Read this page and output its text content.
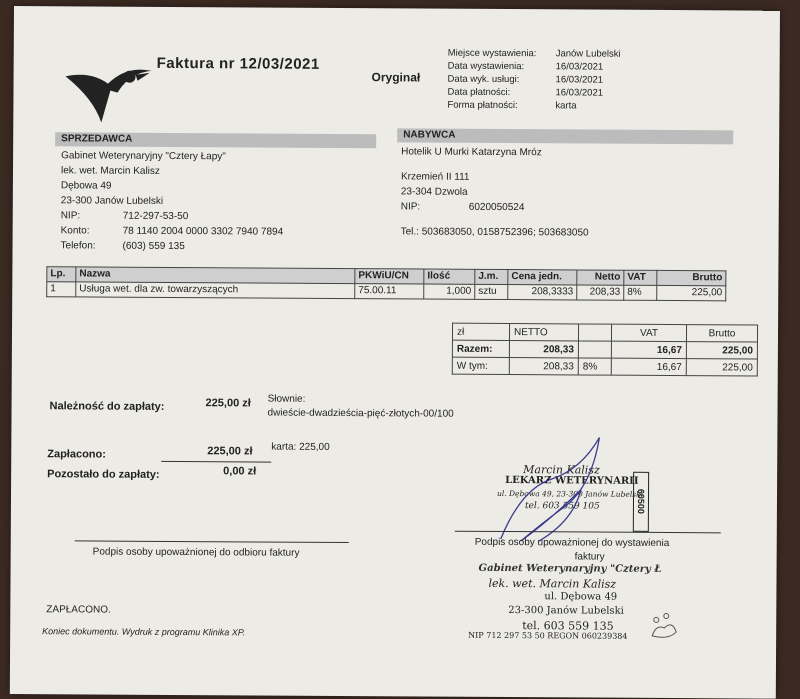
Faktura nr 12/03/2021
Oryginał
Miejsce wystawienia: Janów Lubelski
Data wystawienia:	16/03/2021
Data wyk. usługi:	16/03/2021
Data płatności:	16/03/2021
Forma płatności:	karta
SPRZEDAWCA
Gabinet Weterynaryjny "Cztery Łapy"
lek. wet. Marcin Kalisz
Dębowa 49
23-300 Janów Lubelski
NIP:	712-297-53-50
Konto:	78 1140 2004 0000 3302 7940 7894
Telefon:	(603) 559 135
NABYWCA
Hotelik U Murki Katarzyna Mróz
Krzemień II 111
23-304 Dzwola
NIP:	6020050524
Tel.: 503683050, 0158752396; 503683050
Lp.	Nazwa	PKWiU/CN	Ilość	J.m.	Cena jedn.	Netto	VAT	Brutto
1	Usługa wet. dla zw. towarzyszących	75.00.11	1,000	sztu	208,3333	208,33	8%	225,00
zł	NETTO		VAT	Brutto
Razem:	208,33		16,67	225,00
W tym:	208,33	8%	16,67	225,00
Należność do zapłaty:	225,00 zł Słownie:
dwieście-dwadzieścia-pięć-złotych-00/100
Zapłacono:	225,00 zł karta: 225,00
Pozostało do zapłaty:	0,00 zł	Marcin Kalisz
LEKARZ WETERYNARII
ul. Dębowa 49, 23-300 Janów Lubelski
tel. 603 559 105	60500
Podpis osoby upoważnionej do odbioru faktury
Podpis osoby upoważnionej do wystawienia
faktury
Gabinet Weterynaryjny "Cztery Ł
lek. wet. Marcin Kalisz
ul. Dębowa 49
23-300 Janów Lubelski
tel. 603 559 135
NIP 712 297 53 50 REGON 060239384
ZAPŁACONO.
Koniec dokumentu. Wydruk z programu Klinika XP.
